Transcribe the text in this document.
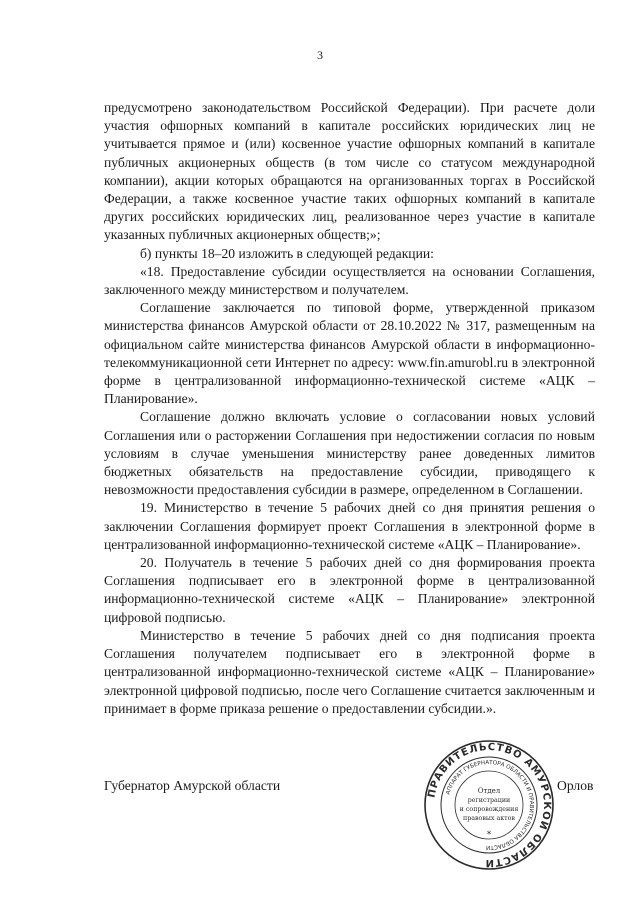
3

предусмотрено законодательством Российской Федерации). При расчете доли участия офшорных компаний в капитале российских юридических лиц не учитывается прямое и (или) косвенное участие офшорных компаний в капитале публичных акционерных обществ (в том числе со статусом международной компании), акции которых обращаются на организованных торгах в Российской Федерации, а также косвенное участие таких офшорных компаний в капитале других российских юридических лиц, реализованное через участие в капитале указанных публичных акционерных обществ;»;

б) пункты 18–20 изложить в следующей редакции:

«18. Предоставление субсидии осуществляется на основании Соглашения, заключенного между министерством и получателем.

Соглашение заключается по типовой форме, утвержденной приказом министерства финансов Амурской области от 28.10.2022 № 317, размещенным на официальном сайте министерства финансов Амурской области в информационно-телекоммуникационной сети Интернет по адресу: www.fin.amurobl.ru в электронной форме в централизованной информационно-технической системе «АЦК – Планирование».

Соглашение должно включать условие о согласовании новых условий Соглашения или о расторжении Соглашения при недостижении согласия по новым условиям в случае уменьшения министерству ранее доведенных лимитов бюджетных обязательств на предоставление субсидии, приводящего к невозможности предоставления субсидии в размере, определенном в Соглашении.

19. Министерство в течение 5 рабочих дней со дня принятия решения о заключении Соглашения формирует проект Соглашения в электронной форме в централизованной информационно-технической системе «АЦК – Планирование».

20. Получатель в течение 5 рабочих дней со дня формирования проекта Соглашения подписывает его в электронной форме в централизованной информационно-технической системе «АЦК – Планирование» электронной цифровой подписью.

Министерство в течение 5 рабочих дней со дня подписания проекта Соглашения получателем подписывает его в электронной форме в централизованной информационно-технической системе «АЦК – Планирование» электронной цифровой подписью, после чего Соглашение считается заключенным и принимает в форме приказа решение о предоставлении субсидии.».

Губернатор Амурской области	Орлов
ПРАВИТЕЛЬСТВО АМУРСКОЙ ОБЛАСТИ
АППАРАТ ГУБЕРНАТОРА ОБЛАСТИ И ПРАВИТЕЛЬСТВА ОБЛАСТИ
Отдел
регистрации
и сопровождения
правовых актов
*
